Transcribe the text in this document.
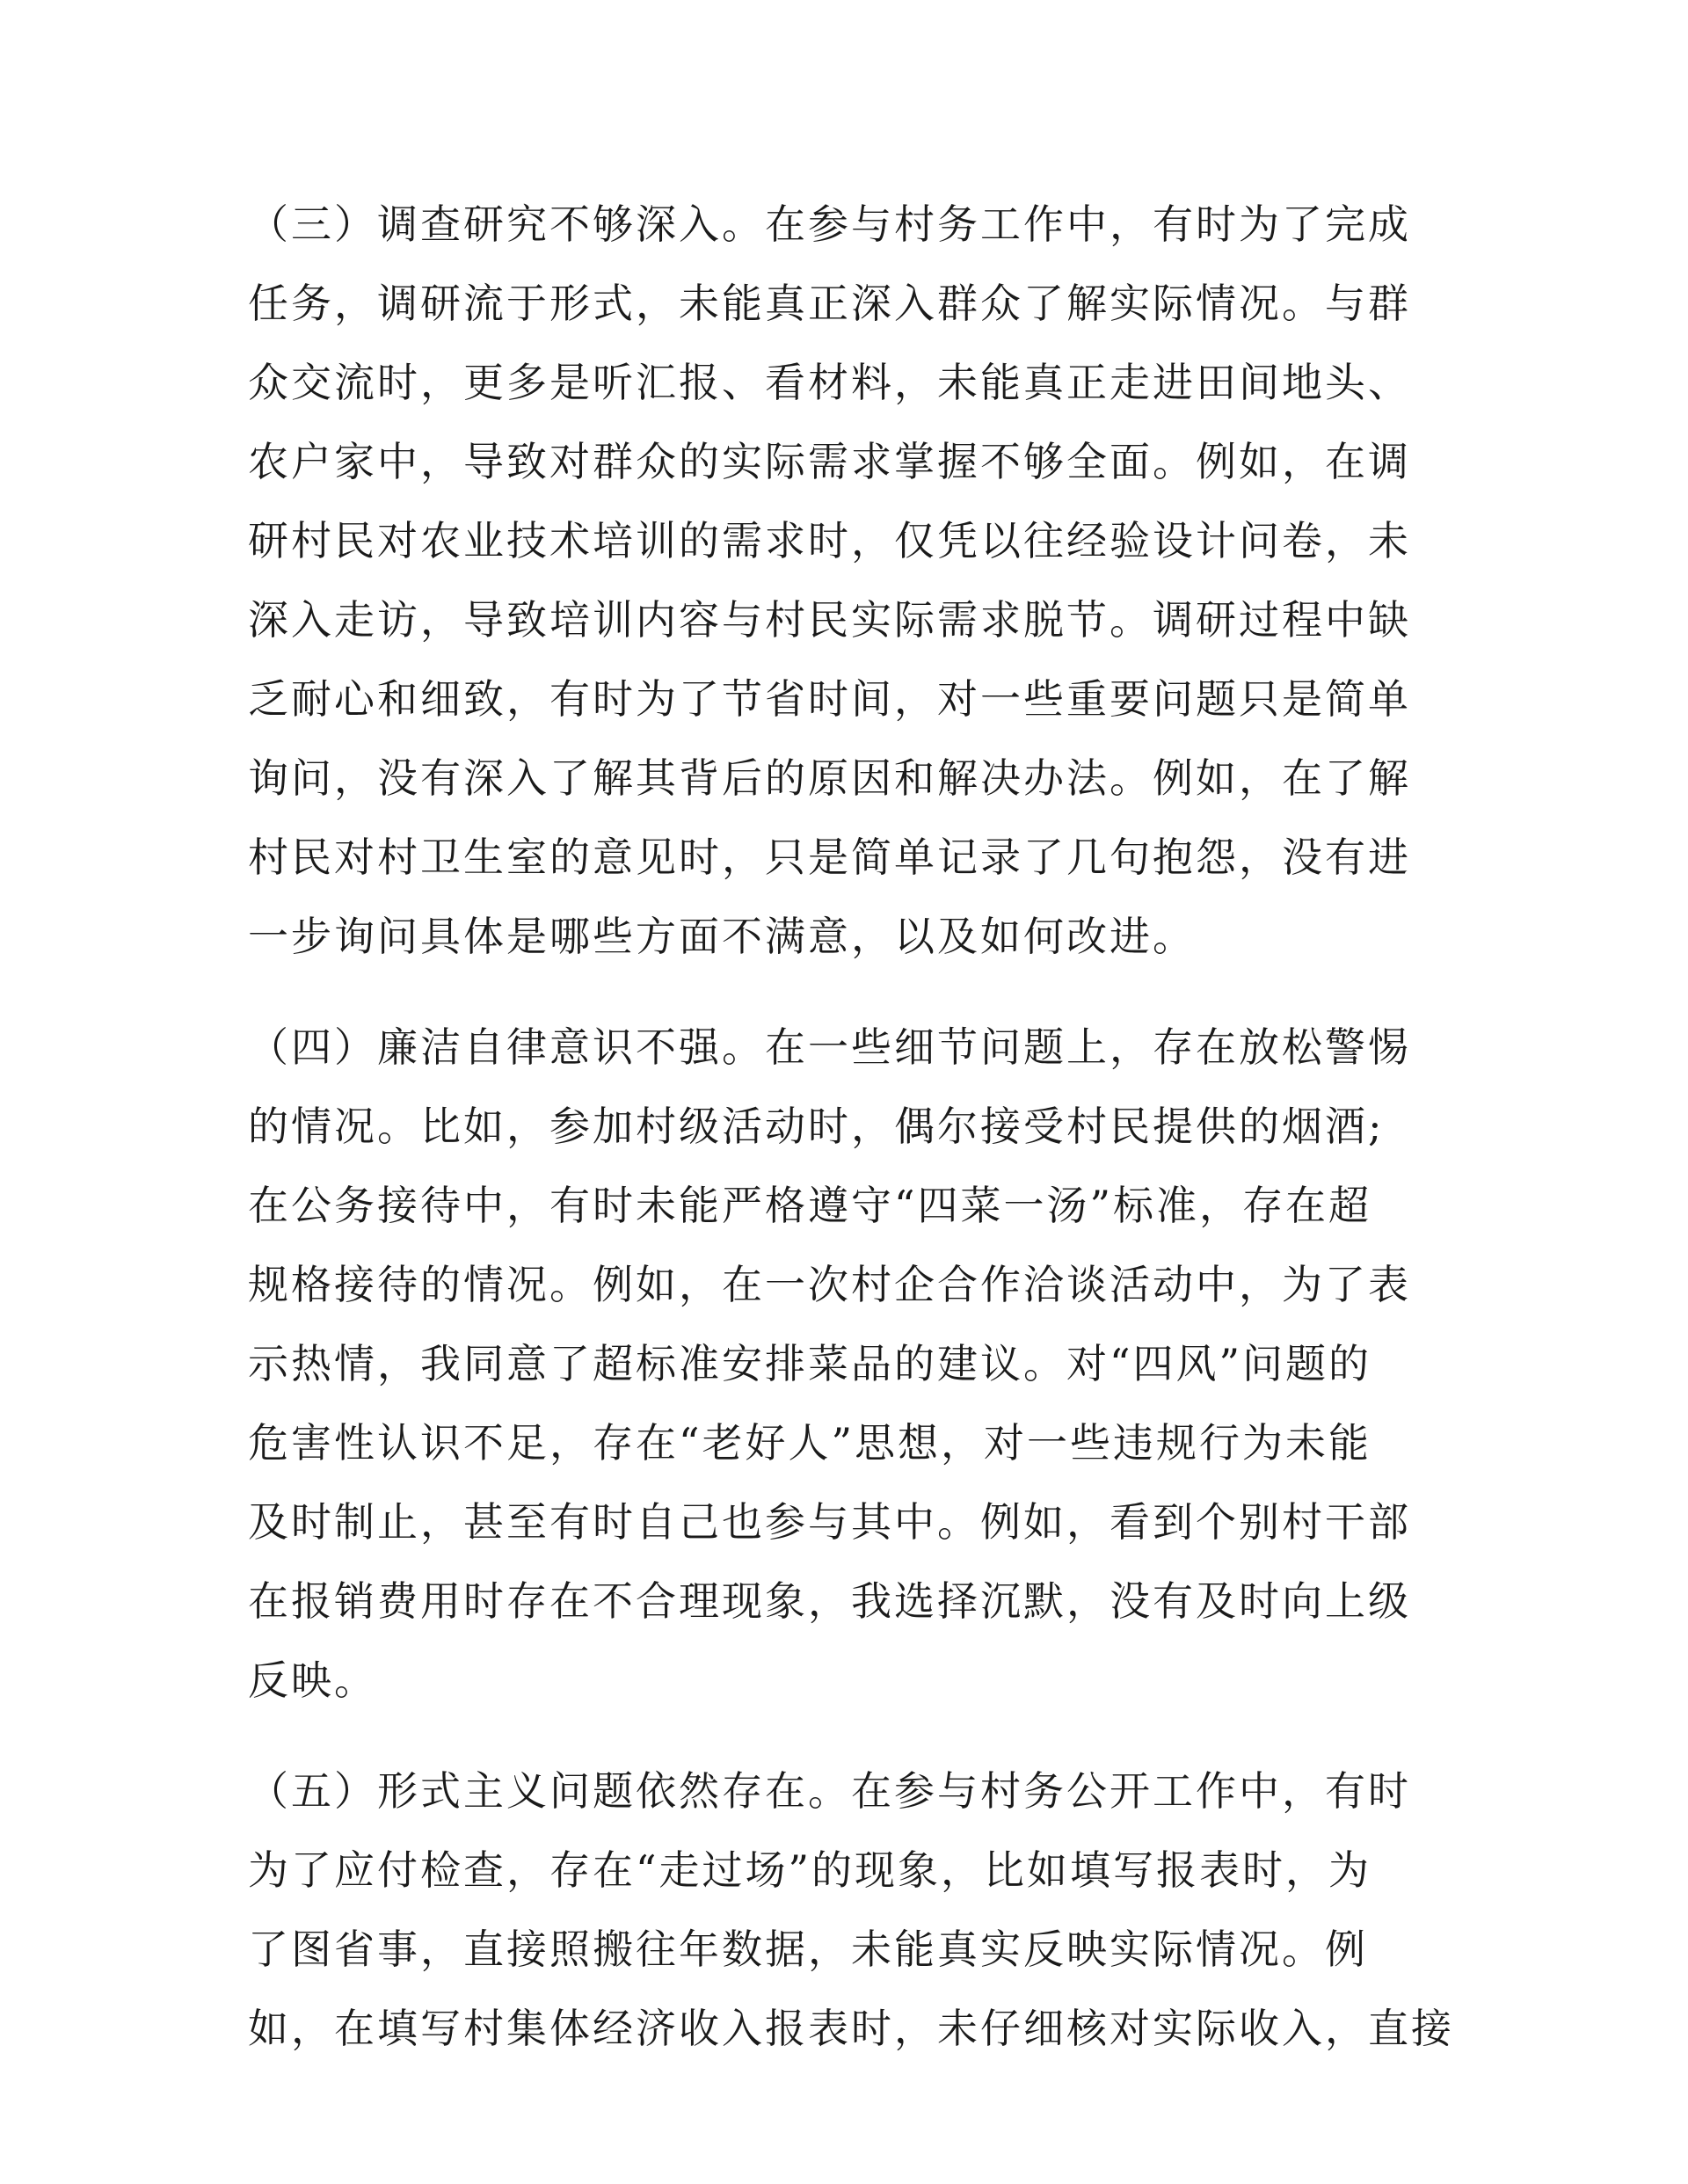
（三）调查研究不够深入。在参与村务工作中，有时为了完成
任务，调研流于形式，未能真正深入群众了解实际情况。与群
众交流时，更多是听汇报、看材料，未能真正走进田间地头、
农户家中，导致对群众的实际需求掌握不够全面。例如，在调
研村民对农业技术培训的需求时，仅凭以往经验设计问卷，未
深入走访，导致培训内容与村民实际需求脱节。调研过程中缺
乏耐心和细致，有时为了节省时间，对一些重要问题只是简单
询问，没有深入了解其背后的原因和解决办法。例如，在了解
村民对村卫生室的意见时，只是简单记录了几句抱怨，没有进
一步询问具体是哪些方面不满意，以及如何改进。
（四）廉洁自律意识不强。在一些细节问题上，存在放松警惕
的情况。比如，参加村级活动时，偶尔接受村民提供的烟酒;
在公务接待中，有时未能严格遵守“四菜一汤”标准，存在超
规格接待的情况。例如，在一次村企合作洽谈活动中，为了表
示热情，我同意了超标准安排菜品的建议。对“四风”问题的
危害性认识不足，存在“老好人”思想，对一些违规行为未能
及时制止，甚至有时自己也参与其中。例如，看到个别村干部
在报销费用时存在不合理现象，我选择沉默，没有及时向上级
反映。
（五）形式主义问题依然存在。在参与村务公开工作中，有时
为了应付检查，存在“走过场”的现象，比如填写报表时，为
了图省事，直接照搬往年数据，未能真实反映实际情况。例
如，在填写村集体经济收入报表时，未仔细核对实际收入，直接
